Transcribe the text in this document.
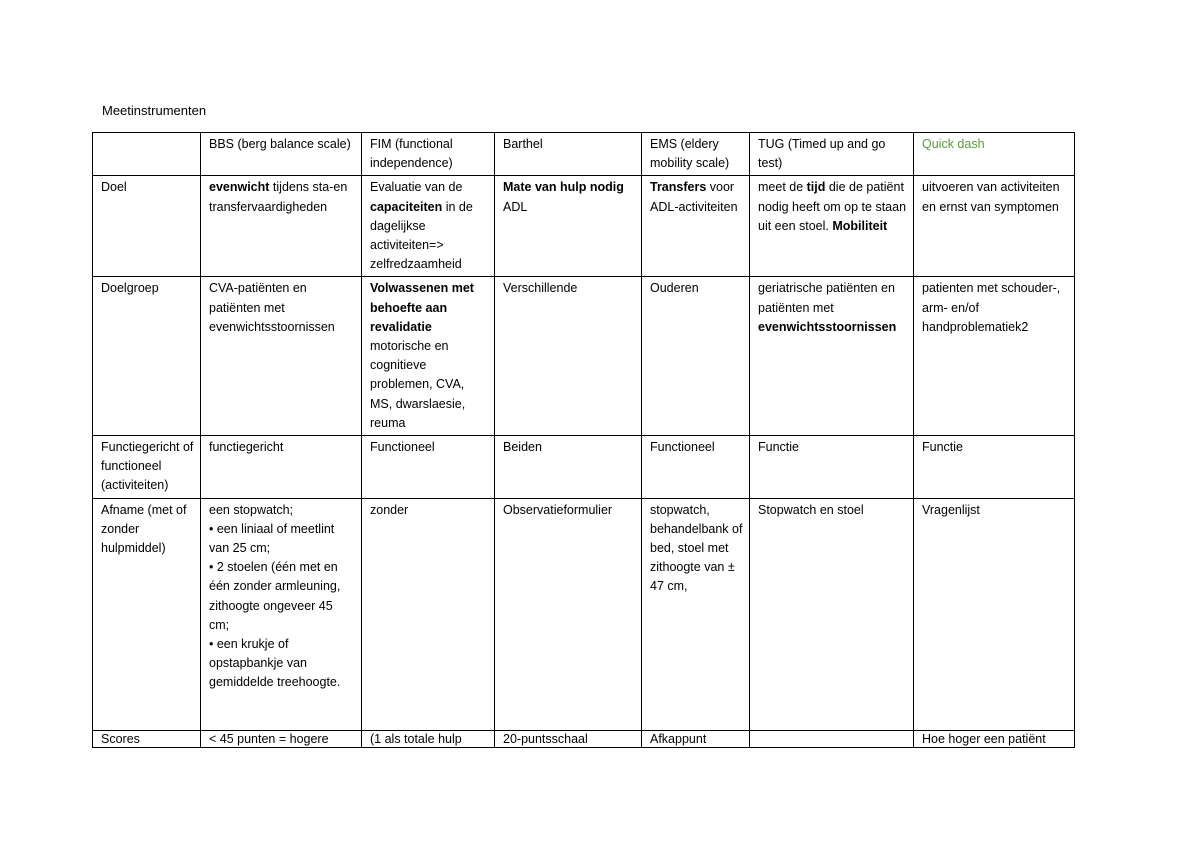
Meetinstrumenten
	BBS (berg balance scale)	FIM (functional independence)	Barthel	EMS (eldery mobility scale)	TUG (Timed up and go test)	Quick dash
Doel	evenwicht tijdens sta-en transfervaardigheden	Evaluatie van de capaciteiten in de dagelijkse activiteiten=> zelfredzaamheid	Mate van hulp nodig ADL	Transfers voor ADL-activiteiten	meet de tijd die de patiënt nodig heeft om op te staan uit een stoel. Mobiliteit	uitvoeren van activiteiten en ernst van symptomen
Doelgroep	CVA-patiënten en patiënten met evenwichtsstoornissen	Volwassenen met behoefte aan revalidatie motorische en cognitieve problemen, CVA, MS, dwarslaesie, reuma	Verschillende	Ouderen	geriatrische patiënten en patiënten met evenwichtsstoornissen	patienten met schouder-, arm- en/of handproblematiek2
Functiegericht of functioneel (activiteiten)	functiegericht	Functioneel	Beiden	Functioneel	Functie	Functie
Afname (met of zonder hulpmiddel)	een stopwatch;
• een liniaal of meetlint van 25 cm;
• 2 stoelen (één met en één zonder armleuning,
zithoogte ongeveer 45 cm;
• een krukje of opstapbankje van gemiddelde treehoogte.	zonder	Observatieformulier	stopwatch, behandelbank of bed, stoel met zithoogte van ± 47 cm,	Stopwatch en stoel	Vragenlijst
Scores	< 45 punten = hogere	(1 als totale hulp	20-puntsschaal	Afkappunt		Hoe hoger een patiënt
